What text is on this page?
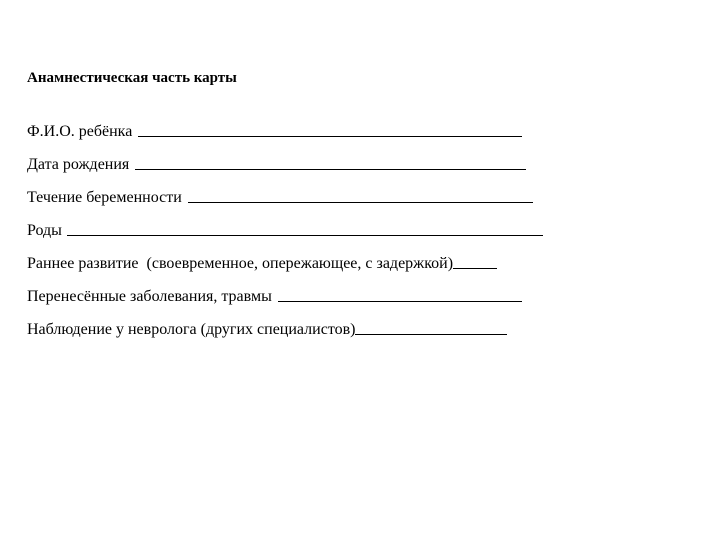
Анамнестическая часть карты
Ф.И.О. ребёнка
Дата рождения
Течение беременности
Роды
Раннее развитие  (своевременное, опережающее, с задержкой)
Перенесённые заболевания, травмы
Наблюдение у невролога (других специалистов)
